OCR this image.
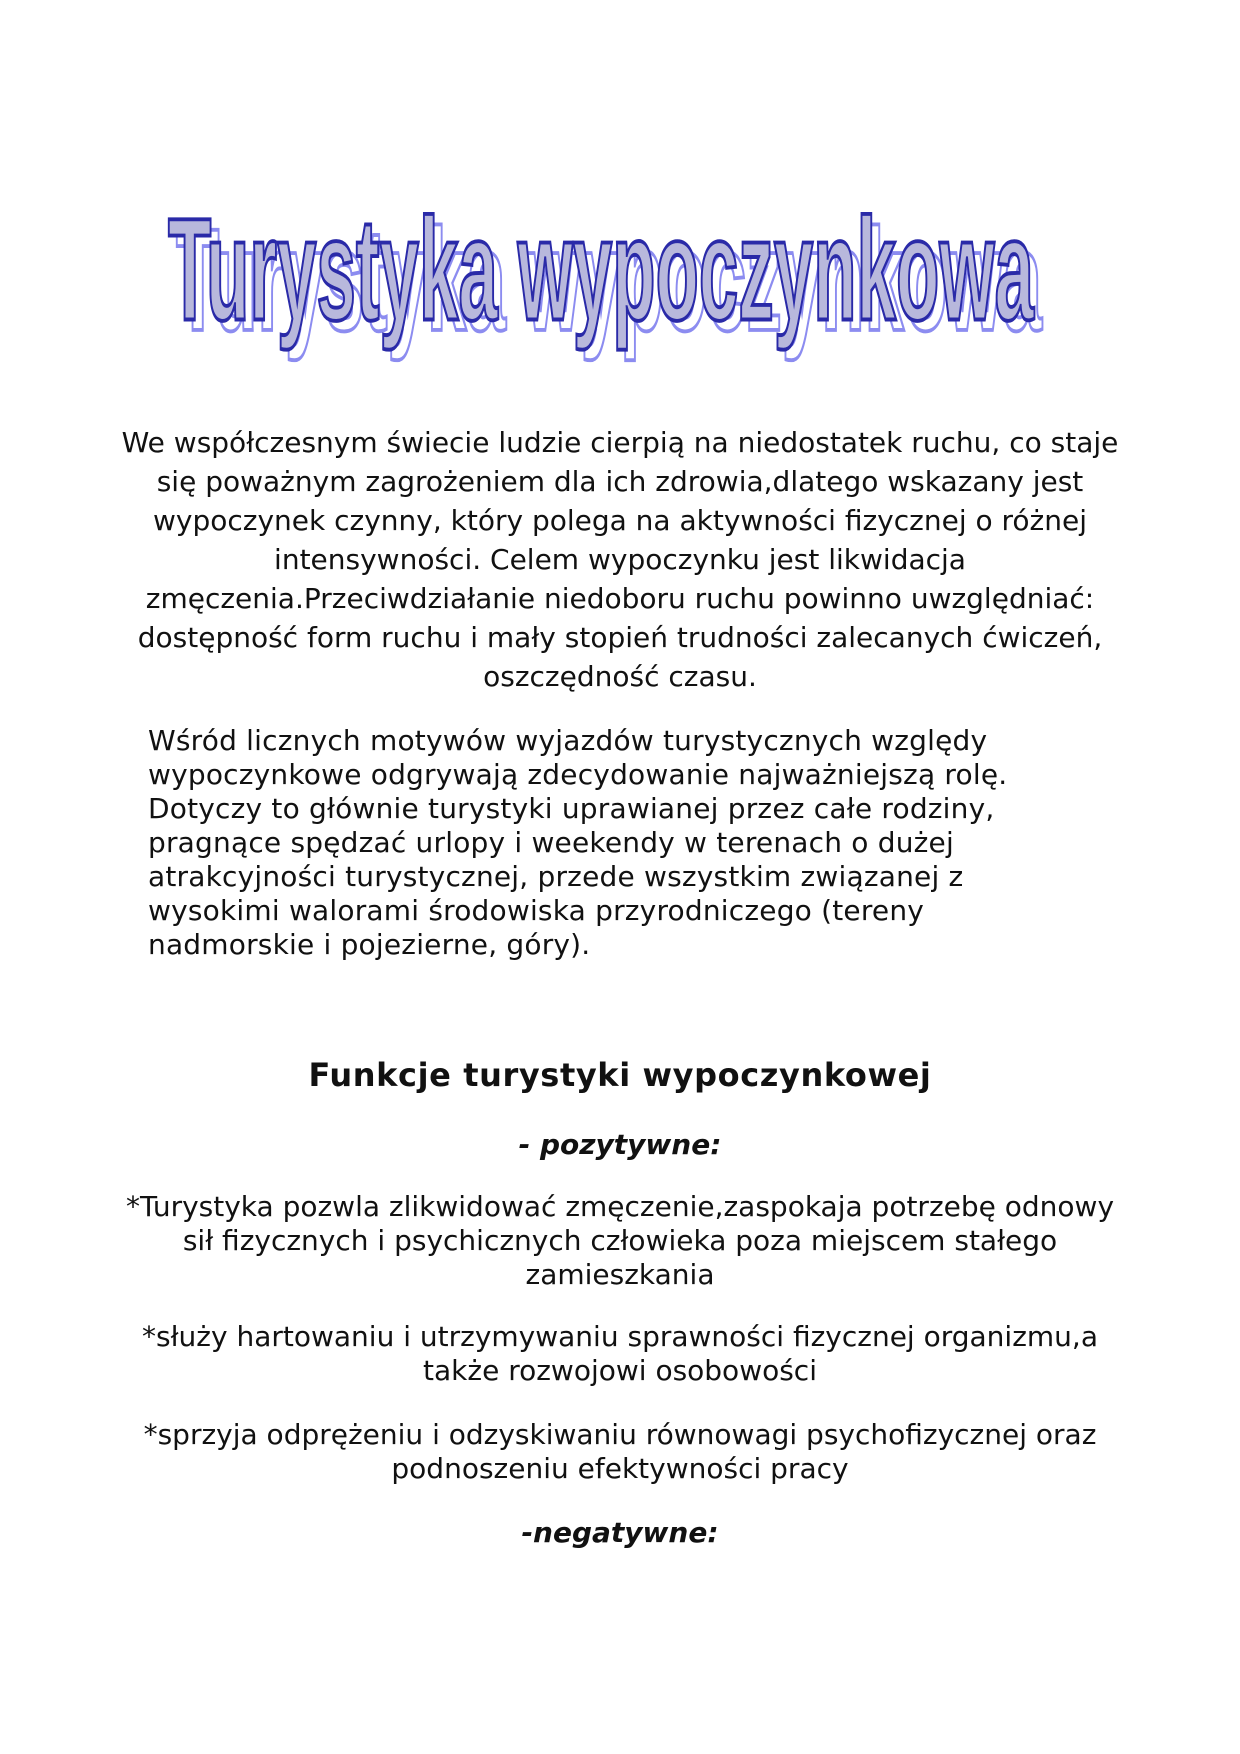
Turystyka wypoczynkowa
Turystyka wypoczynkowa

We współczesnym świecie ludzie cierpią na niedostatek ruchu, co staje się poważnym zagrożeniem dla ich zdrowia,dlatego wskazany jest wypoczynek czynny, który polega na aktywności fizycznej o różnej intensywności. Celem wypoczynku jest likwidacja zmęczenia.Przeciwdziałanie niedoboru ruchu powinno uwzględniać: dostępność form ruchu i mały stopień trudności zalecanych ćwiczeń, oszczędność czasu.

Wśród licznych motywów wyjazdów turystycznych względy wypoczynkowe odgrywają zdecydowanie najważniejszą rolę. Dotyczy to głównie turystyki uprawianej przez całe rodziny, pragnące spędzać urlopy i weekendy w terenach o dużej atrakcyjności turystycznej, przede wszystkim związanej z wysokimi walorami środowiska przyrodniczego (tereny nadmorskie i pojezierne, góry).

Funkcje turystyki wypoczynkowej

- pozytywne:

*Turystyka pozwla zlikwidować zmęczenie,zaspokaja potrzebę odnowy sił fizycznych i psychicznych człowieka poza miejscem stałego zamieszkania

*służy hartowaniu i utrzymywaniu sprawności fizycznej organizmu,a także rozwojowi osobowości

*sprzyja odprężeniu i odzyskiwaniu równowagi psychofizycznej oraz podnoszeniu efektywności pracy

-negatywne:
